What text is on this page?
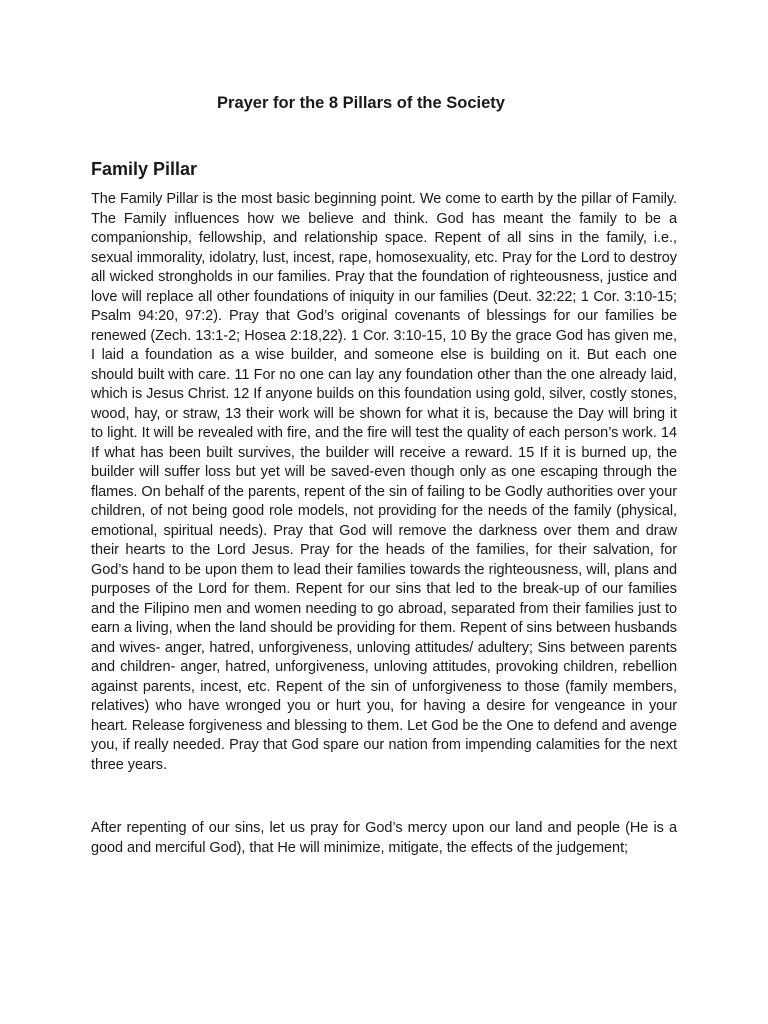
Prayer for the 8 Pillars of the Society
Family Pillar

The Family Pillar is the most basic beginning point. We come to earth by the pillar of Family. The Family influences how we believe and think. God has meant the family to be a companionship, fellowship, and relationship space. Repent of all sins in the family, i.e., sexual immorality, idolatry, lust, incest, rape, homosexuality, etc. Pray for the Lord to destroy all wicked strongholds in our families. Pray that the foundation of righteousness, justice and love will replace all other foundations of iniquity in our families (Deut. 32:22; 1 Cor. 3:10-15; Psalm 94:20, 97:2). Pray that God’s original covenants of blessings for our families be renewed (Zech. 13:1-2; Hosea 2:18,22). 1 Cor. 3:10-15, 10 By the grace God has given me, I laid a foundation as a wise builder, and someone else is building on it. But each one should built with care. 11 For no one can lay any foundation other than the one already laid, which is Jesus Christ. 12 If anyone builds on this foundation using gold, silver, costly stones, wood, hay, or straw, 13 their work will be shown for what it is, because the Day will bring it to light. It will be revealed with fire, and the fire will test the quality of each person’s work. 14 If what has been built survives, the builder will receive a reward. 15 If it is burned up, the builder will suffer loss but yet will be saved-even though only as one escaping through the flames. On behalf of the parents, repent of the sin of failing to be Godly authorities over your children, of not being good role models, not providing for the needs of the family (physical, emotional, spiritual needs). Pray that God will remove the darkness over them and draw their hearts to the Lord Jesus. Pray for the heads of the families, for their salvation, for God’s hand to be upon them to lead their families towards the righteousness, will, plans and purposes of the Lord for them. Repent for our sins that led to the break-up of our families and the Filipino men and women needing to go abroad, separated from their families just to earn a living, when the land should be providing for them. Repent of sins between husbands and wives- anger, hatred, unforgiveness, unloving attitudes/ adultery; Sins between parents and children- anger, hatred, unforgiveness, unloving attitudes, provoking children, rebellion against parents, incest, etc. Repent of the sin of unforgiveness to those (family members, relatives) who have wronged you or hurt you, for having a desire for vengeance in your heart. Release forgiveness and blessing to them. Let God be the One to defend and avenge you, if really needed. Pray that God spare our nation from impending calamities for the next three years.

After repenting of our sins, let us pray for God’s mercy upon our land and people (He is a good and merciful God), that He will minimize, mitigate, the effects of the judgement;
